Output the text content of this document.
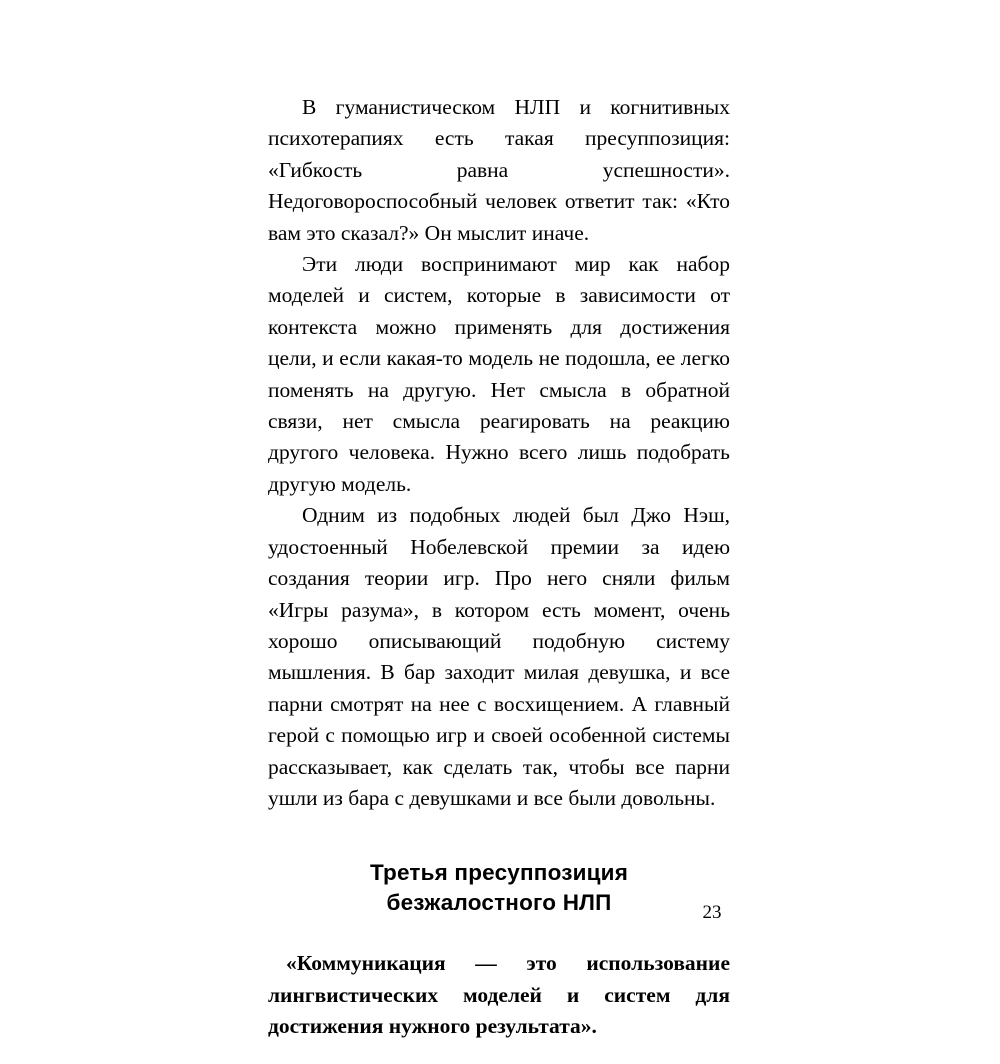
В гуманистическом НЛП и когнитивных психотерапиях есть такая пресуппозиция: «Гибкость равна успешности». Недоговороспособный человек ответит так: «Кто вам это сказал?» Он мыслит иначе.

Эти люди воспринимают мир как набор моделей и систем, которые в зависимости от контекста можно применять для достижения цели, и если какая-то модель не подошла, ее легко поменять на другую. Нет смысла в обратной связи, нет смысла реагировать на реакцию другого человека. Нужно всего лишь подобрать другую модель.

Одним из подобных людей был Джо Нэш, удостоенный Нобелевской премии за идею создания теории игр. Про него сняли фильм «Игры разума», в котором есть момент, очень хорошо описывающий подобную систему мышления. В бар заходит милая девушка, и все парни смотрят на нее с восхищением. А главный герой с помощью игр и своей особенной системы рассказывает, как сделать так, чтобы все парни ушли из бара с девушками и все были довольны.

Третья пресуппозиция
безжалостного НЛП

«Коммуникация — это использование лингвистических моделей и систем для достижения нужного результата».

23
